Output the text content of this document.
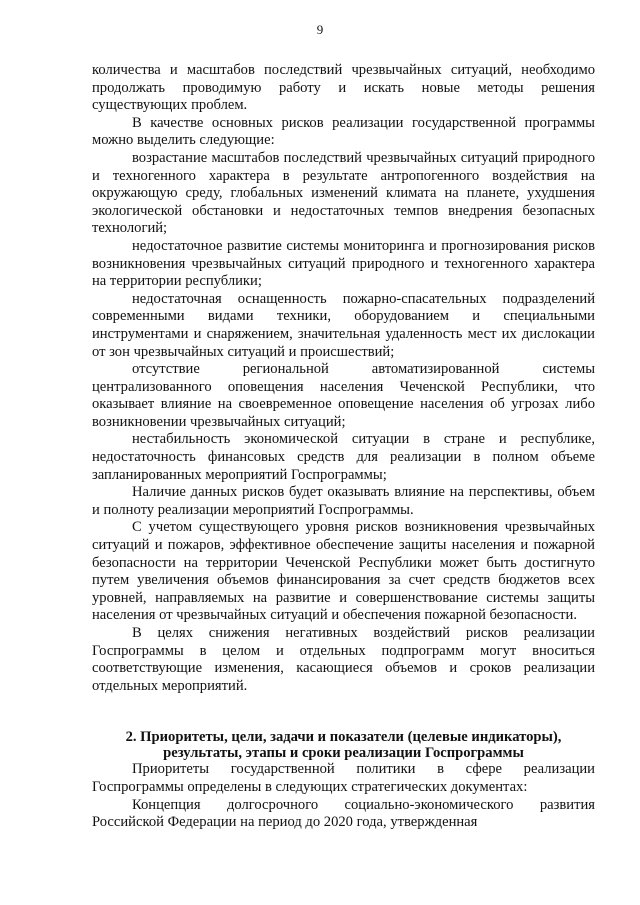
9

количества и масштабов последствий чрезвычайных ситуаций, необходимо продолжать проводимую работу и искать новые методы решения существующих проблем.

В качестве основных рисков реализации государственной программы можно выделить следующие:

возрастание масштабов последствий чрезвычайных ситуаций природного и техногенного характера в результате антропогенного воздействия на окружающую среду, глобальных изменений климата на планете, ухудшения экологической обстановки и недостаточных темпов внедрения безопасных технологий;

недостаточное развитие системы мониторинга и прогнозирования рисков возникновения чрезвычайных ситуаций природного и техногенного характера на территории республики;

недостаточная оснащенность пожарно-спасательных подразделений современными видами техники, оборудованием и специальными инструментами и снаряжением, значительная удаленность мест их дислокации от зон чрезвычайных ситуаций и происшествий;

отсутствие региональной автоматизированной системы централизованного оповещения населения Чеченской Республики, что оказывает влияние на своевременное оповещение населения об угрозах либо возникновении чрезвычайных ситуаций;

нестабильность экономической ситуации в стране и республике, недостаточность финансовых средств для реализации в полном объеме запланированных мероприятий Госпрограммы;

Наличие данных рисков будет оказывать влияние на перспективы, объем и полноту реализации мероприятий Госпрограммы.

С учетом существующего уровня рисков возникновения чрезвычайных ситуаций и пожаров, эффективное обеспечение защиты населения и пожарной безопасности на территории Чеченской Республики может быть достигнуто путем увеличения объемов финансирования за счет средств бюджетов всех уровней, направляемых на развитие и совершенствование системы защиты населения от чрезвычайных ситуаций и обеспечения пожарной безопасности.

В целях снижения негативных воздействий рисков реализации Госпрограммы в целом и отдельных подпрограмм могут вноситься соответствующие изменения, касающиеся объемов и сроков реализации отдельных мероприятий.

2. Приоритеты, цели, задачи и показатели (целевые индикаторы), результаты, этапы и сроки реализации Госпрограммы

Приоритеты государственной политики в сфере реализации Госпрограммы определены в следующих стратегических документах:

Концепция долгосрочного социально-экономического развития Российской Федерации на период до 2020 года, утвержденная
